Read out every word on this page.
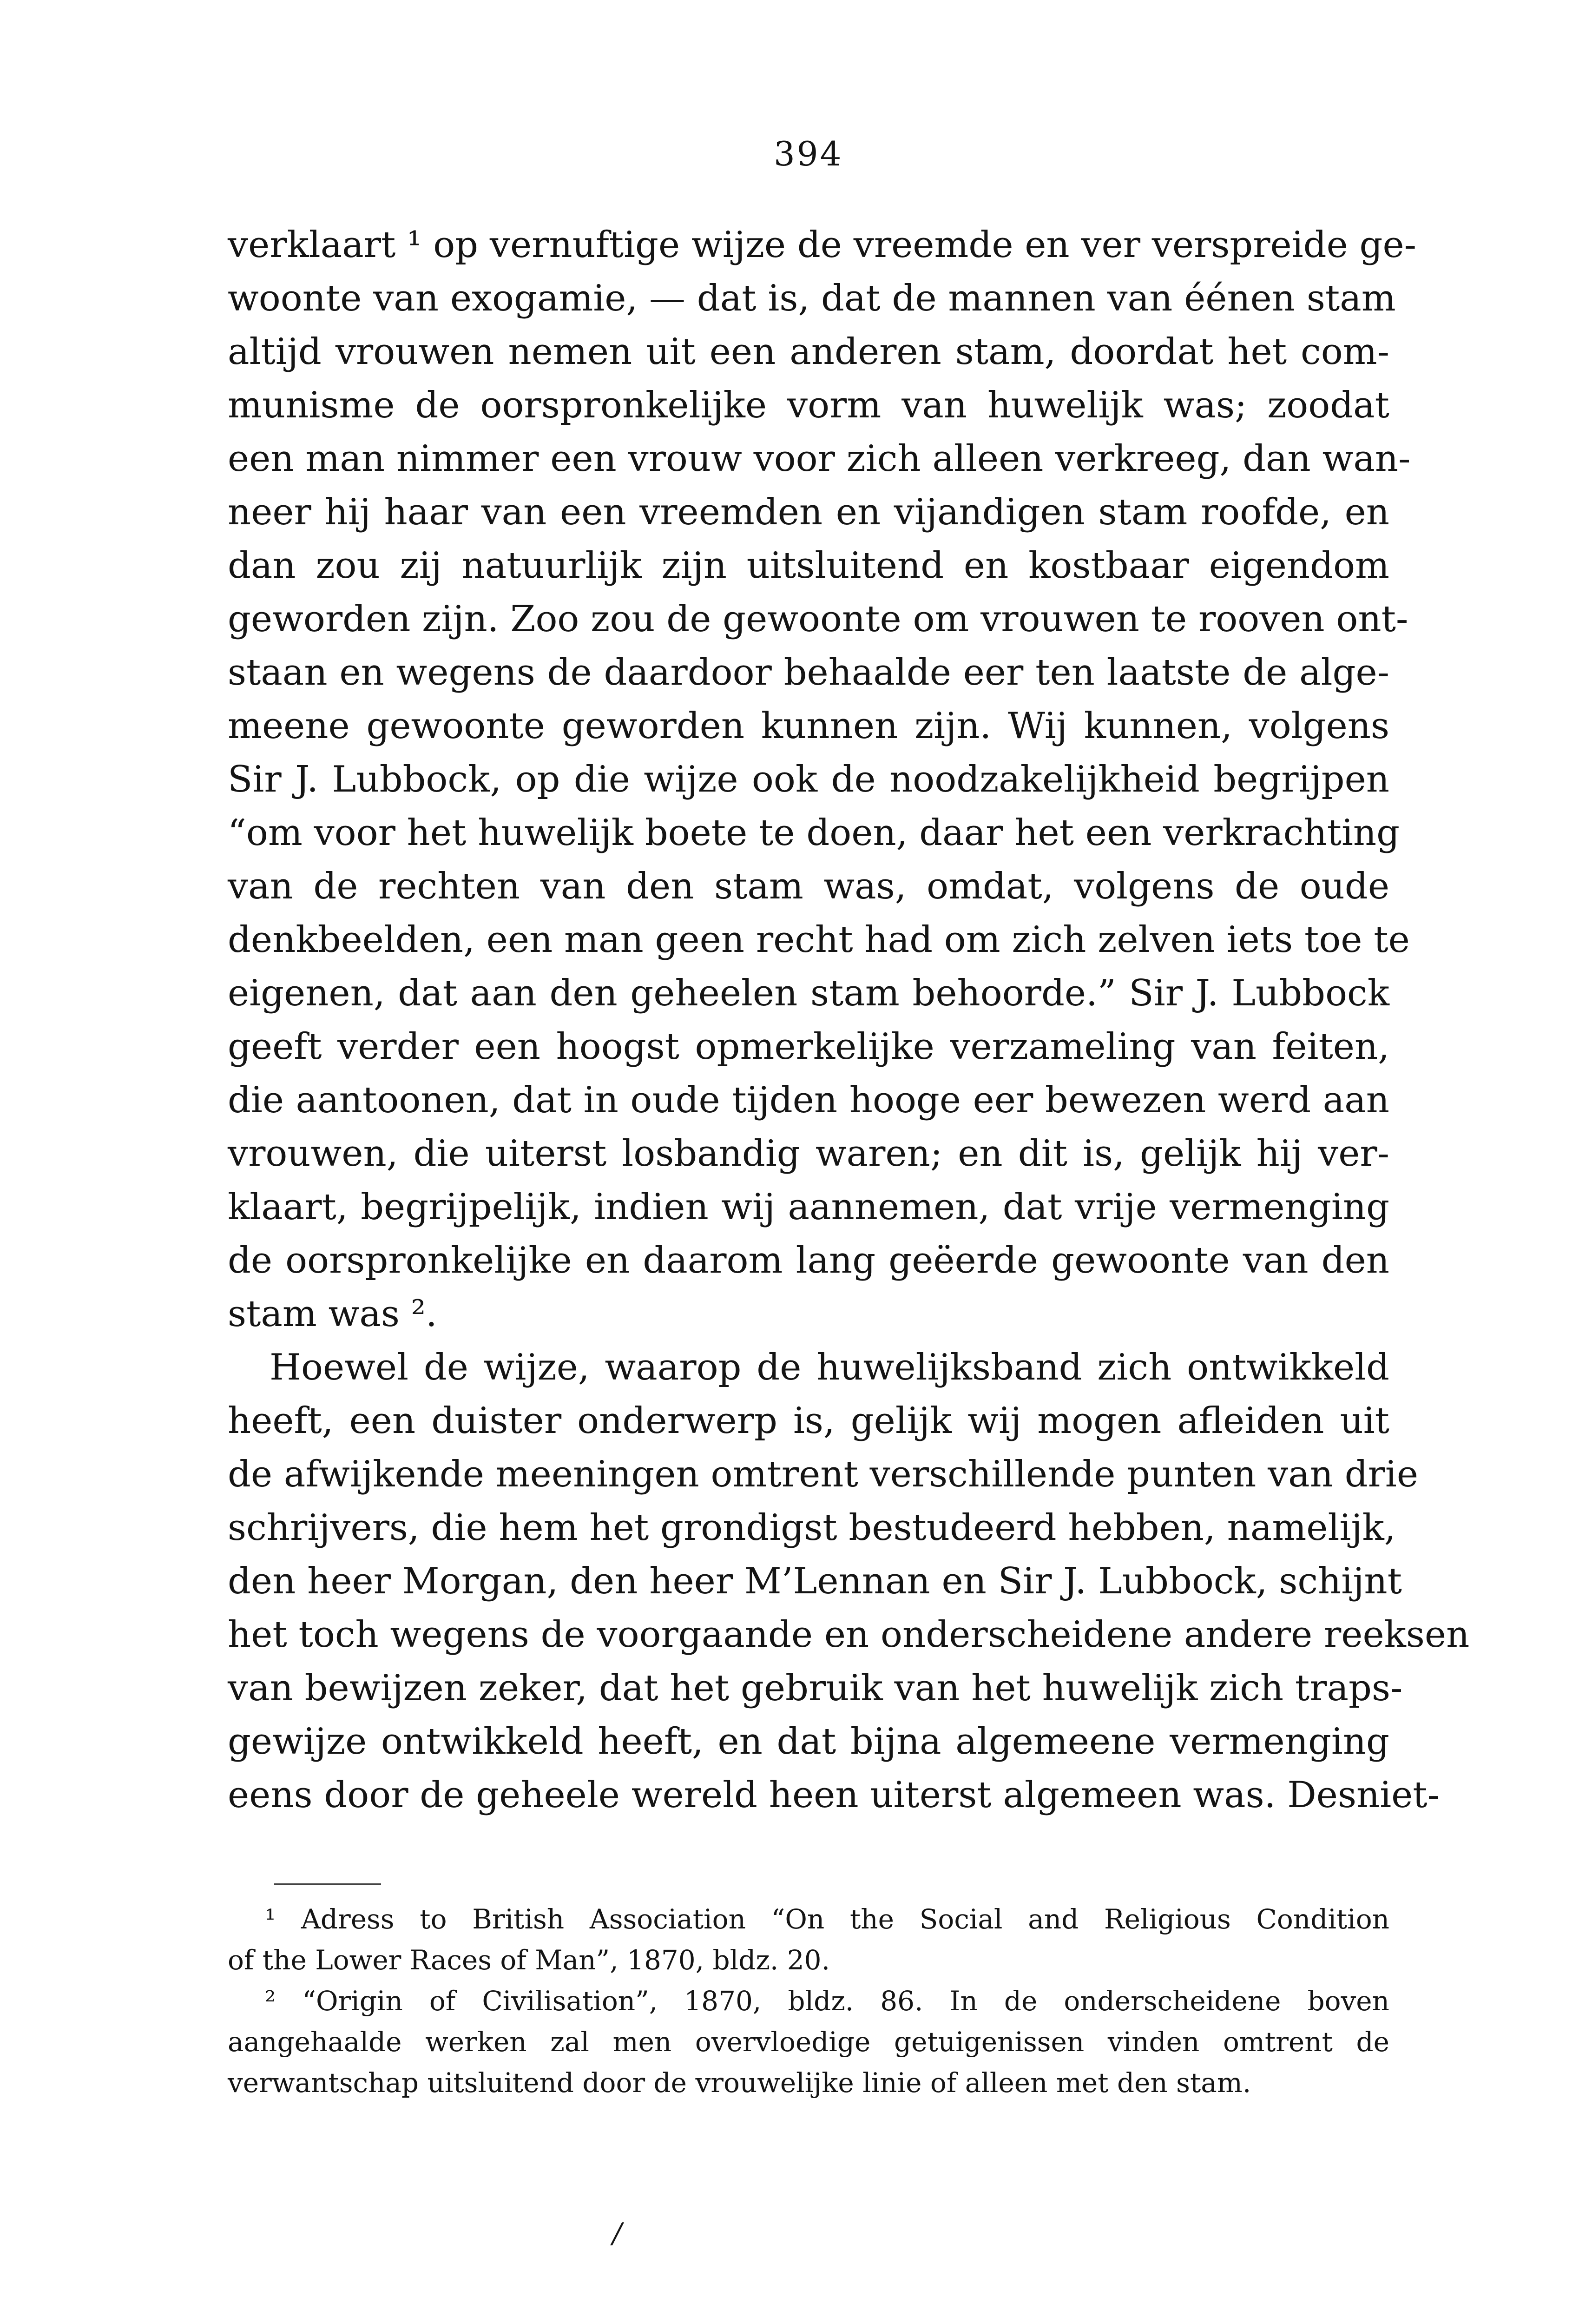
394
verklaart ¹ op vernuftige wijze de vreemde en ver verspreide ge-
woonte van exogamie, — dat is, dat de mannen van éénen stam
altijd vrouwen nemen uit een anderen stam, doordat het com-
munisme de oorspronkelijke vorm van huwelijk was; zoodat
een man nimmer een vrouw voor zich alleen verkreeg, dan wan-
neer hij haar van een vreemden en vijandigen stam roofde, en
dan zou zij natuurlijk zijn uitsluitend en kostbaar eigendom
geworden zijn. Zoo zou de gewoonte om vrouwen te rooven ont-
staan en wegens de daardoor behaalde eer ten laatste de alge-
meene gewoonte geworden kunnen zijn. Wij kunnen, volgens
Sir J. Lubbock, op die wijze ook de noodzakelijkheid begrijpen
“om voor het huwelijk boete te doen, daar het een verkrachting
van de rechten van den stam was, omdat, volgens de oude
denkbeelden, een man geen recht had om zich zelven iets toe te
eigenen, dat aan den geheelen stam behoorde.” Sir J. Lubbock
geeft verder een hoogst opmerkelijke verzameling van feiten,
die aantoonen, dat in oude tijden hooge eer bewezen werd aan
vrouwen, die uiterst losbandig waren; en dit is, gelijk hij ver-
klaart, begrijpelijk, indien wij aannemen, dat vrije vermenging
de oorspronkelijke en daarom lang geëerde gewoonte van den
stam was ².
Hoewel de wijze, waarop de huwelijksband zich ontwikkeld
heeft, een duister onderwerp is, gelijk wij mogen afleiden uit
de afwijkende meeningen omtrent verschillende punten van drie
schrijvers, die hem het grondigst bestudeerd hebben, namelijk,
den heer Morgan, den heer M’Lennan en Sir J. Lubbock, schijnt
het toch wegens de voorgaande en onderscheidene andere reeksen
van bewijzen zeker, dat het gebruik van het huwelijk zich traps-
gewijze ontwikkeld heeft, en dat bijna algemeene vermenging
eens door de geheele wereld heen uiterst algemeen was. Desniet-
¹ Adress to British Association “On the Social and Religious Condition
of the Lower Races of Man”, 1870, bldz. 20.
² “Origin of Civilisation”, 1870, bldz. 86. In de onderscheidene boven
aangehaalde werken zal men overvloedige getuigenissen vinden omtrent de
verwantschap uitsluitend door de vrouwelijke linie of alleen met den stam.
/
